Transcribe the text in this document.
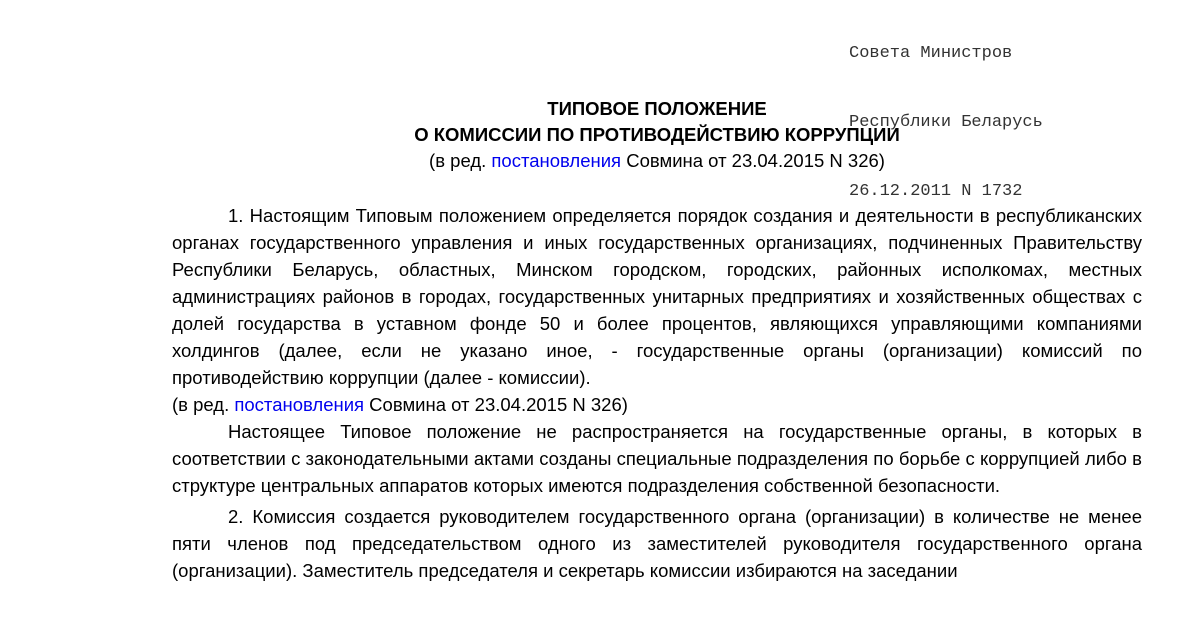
Совета Министров

Республики Беларусь

26.12.2011 N 1732

ТИПОВОЕ ПОЛОЖЕНИЕ
О КОМИССИИ ПО ПРОТИВОДЕЙСТВИЮ КОРРУПЦИИ
(в ред. постановления Совмина от 23.04.2015 N 326)

1. Настоящим Типовым положением определяется порядок создания и деятельности в республиканских органах государственного управления и иных государственных организациях, подчиненных Правительству Республики Беларусь, областных, Минском городском, городских, районных исполкомах, местных администрациях районов в городах, государственных унитарных предприятиях и хозяйственных обществах с долей государства в уставном фонде 50 и более процентов, являющихся управляющими компаниями холдингов (далее, если не указано иное, - государственные органы (организации) комиссий по противодействию коррупции (далее - комиссии).

(в ред. постановления Совмина от 23.04.2015 N 326)

Настоящее Типовое положение не распространяется на государственные органы, в которых в соответствии с законодательными актами созданы специальные подразделения по борьбе с коррупцией либо в структуре центральных аппаратов которых имеются подразделения собственной безопасности.

2. Комиссия создается руководителем государственного органа (организации) в количестве не менее пяти членов под председательством одного из заместителей руководителя государственного органа (организации). Заместитель председателя и секретарь комиссии избираются на заседании
